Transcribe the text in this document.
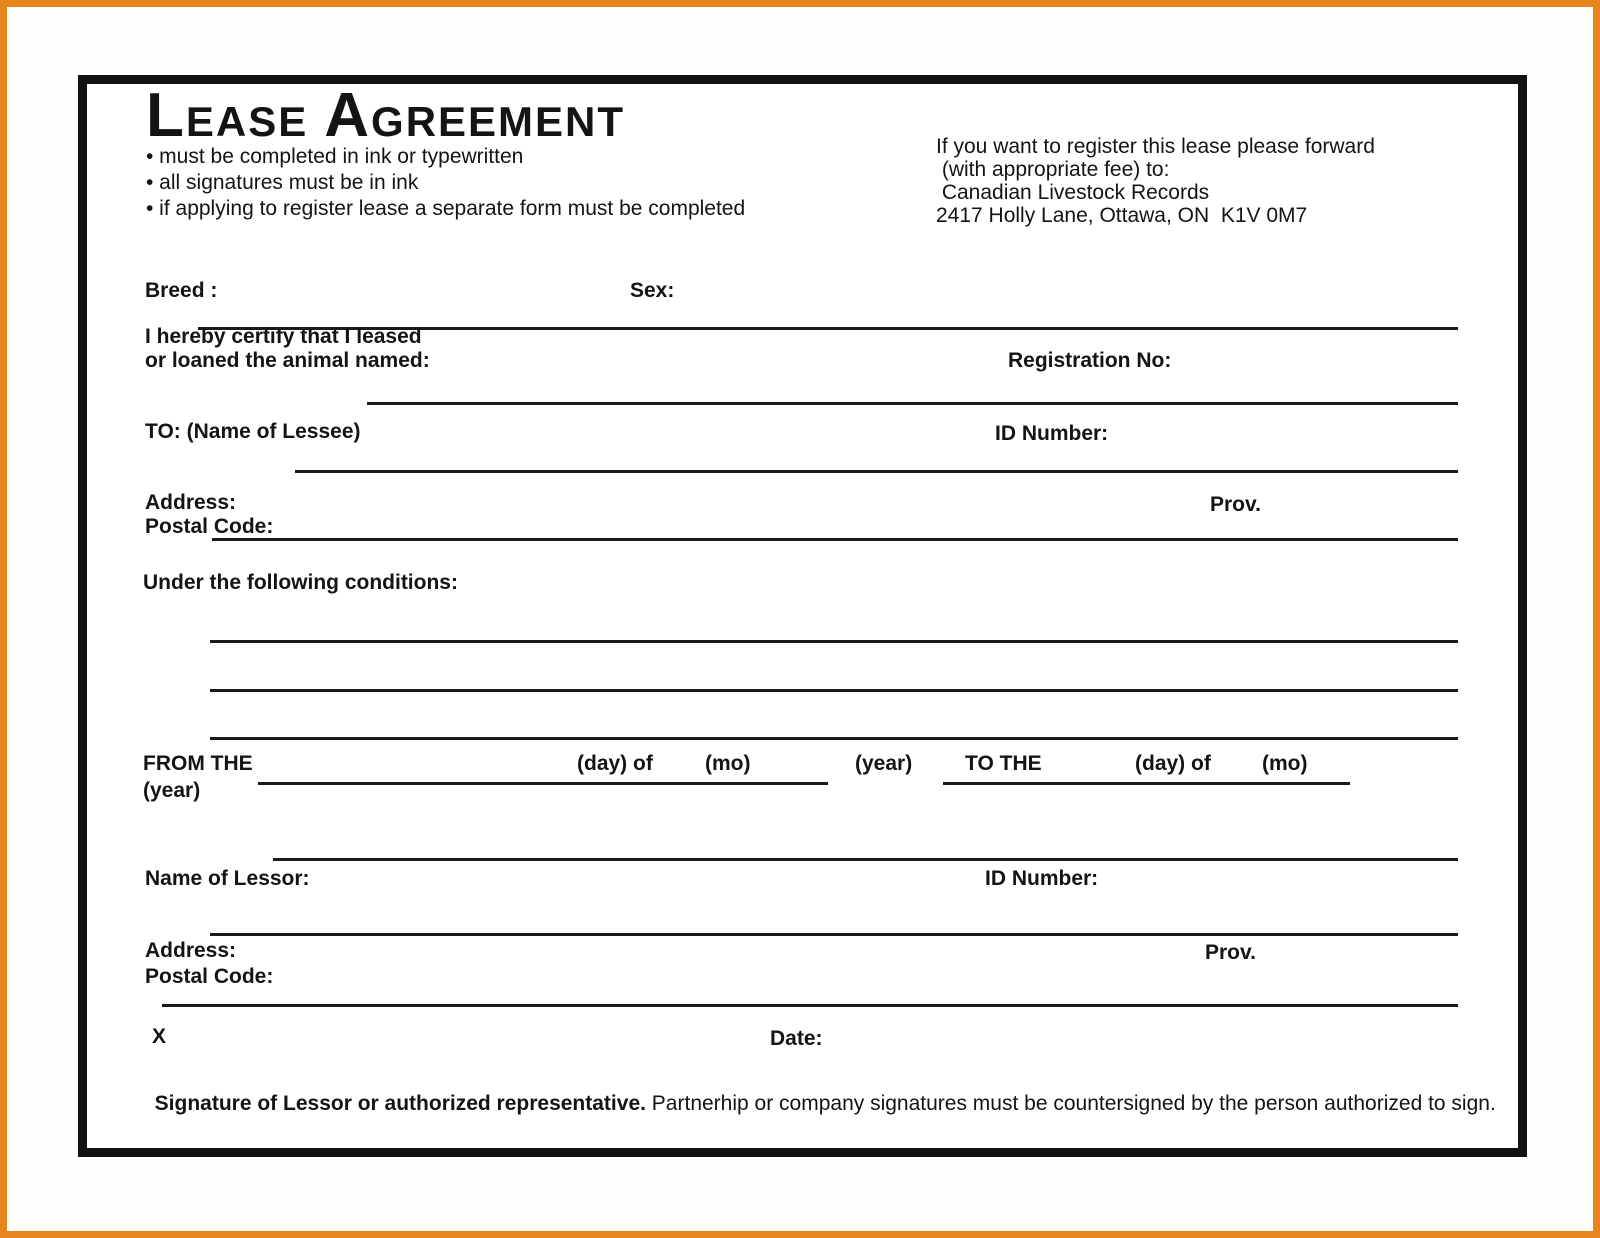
LEASE AGREEMENT
• must be completed in ink or typewritten
• all signatures must be in ink
• if applying to register lease a separate form must be completed
If you want to register this lease please forward
(with appropriate fee) to:
Canadian Livestock Records
2417 Holly Lane, Ottawa, ON  K1V 0M7
Breed :	Sex:
I hereby certify that I leased
or loaned the animal named:	Registration No:
TO: (Name of Lessee)	ID Number:
Address:	Prov.
Postal Code:
Under the following conditions:
FROM THE	(day) of (mo)	(year)	TO THE	(day) of (mo)
(year)
Name of Lessor:	ID Number:
Address:	Prov.
Postal Code:
X	Date:

Signature of Lessor or authorized representative. Partnerhip or company signatures must be countersigned by the person authorized to sign.
